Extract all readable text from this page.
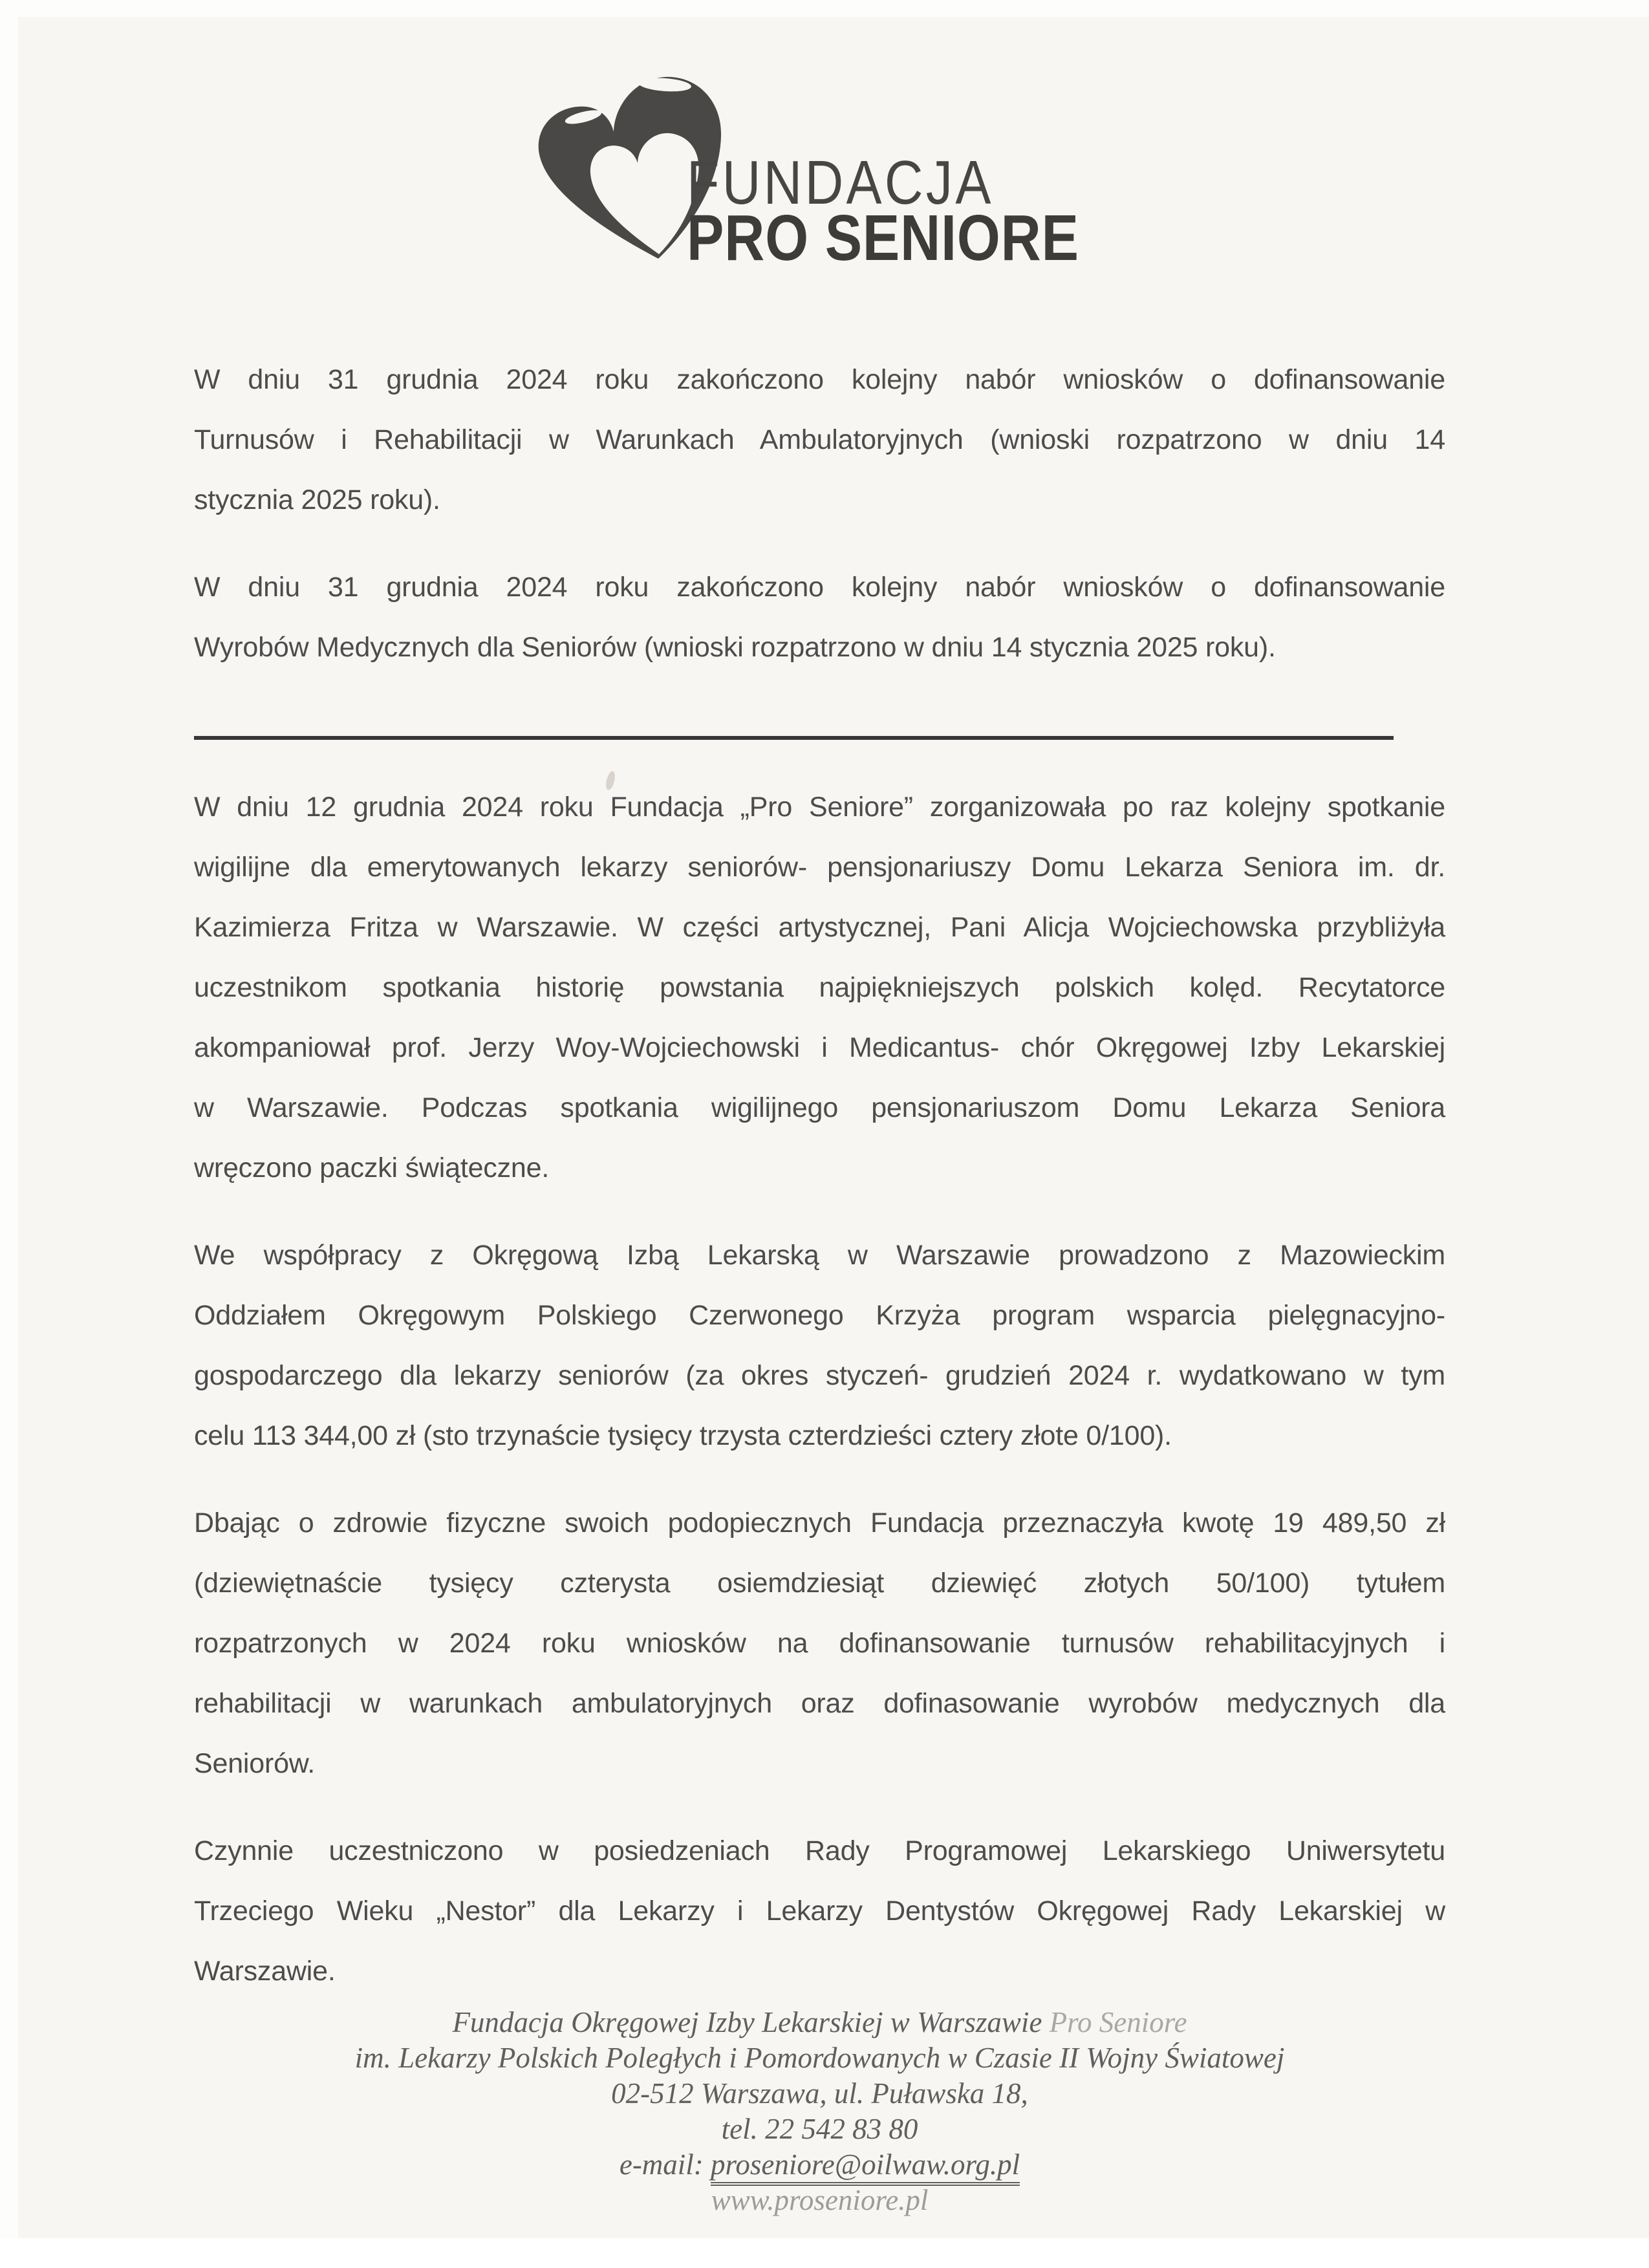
FUNDACJA
PRO SENIORE
W dniu 31 grudnia 2024 roku zakończono kolejny nabór wniosków o dofinansowanie
Turnusów i Rehabilitacji w Warunkach Ambulatoryjnych (wnioski rozpatrzono w dniu 14
stycznia 2025 roku).
W dniu 31 grudnia 2024 roku zakończono kolejny nabór wniosków o dofinansowanie
Wyrobów Medycznych dla Seniorów (wnioski rozpatrzono w dniu 14 stycznia 2025 roku).
W dniu 12 grudnia 2024 roku Fundacja „Pro Seniore” zorganizowała po raz kolejny spotkanie
wigilijne dla emerytowanych lekarzy seniorów- pensjonariuszy Domu Lekarza Seniora im. dr.
Kazimierza Fritza w Warszawie. W części artystycznej, Pani Alicja Wojciechowska przybliżyła
uczestnikom spotkania historię powstania najpiękniejszych polskich kolęd. Recytatorce
akompaniował prof. Jerzy Woy-Wojciechowski i Medicantus- chór Okręgowej Izby Lekarskiej
w Warszawie. Podczas spotkania wigilijnego pensjonariuszom Domu Lekarza Seniora
wręczono paczki świąteczne.
We współpracy z Okręgową Izbą Lekarską w Warszawie prowadzono z Mazowieckim
Oddziałem Okręgowym Polskiego Czerwonego Krzyża program wsparcia pielęgnacyjno-
gospodarczego dla lekarzy seniorów (za okres styczeń- grudzień 2024 r. wydatkowano w tym
celu 113 344,00 zł (sto trzynaście tysięcy trzysta czterdzieści cztery złote 0/100).
Dbając o zdrowie fizyczne swoich podopiecznych Fundacja przeznaczyła kwotę 19 489,50 zł
(dziewiętnaście tysięcy czterysta osiemdziesiąt dziewięć złotych 50/100) tytułem
rozpatrzonych w 2024 roku wniosków na dofinansowanie turnusów rehabilitacyjnych i
rehabilitacji w warunkach ambulatoryjnych oraz dofinasowanie wyrobów medycznych dla
Seniorów.
Czynnie uczestniczono w posiedzeniach Rady Programowej Lekarskiego Uniwersytetu
Trzeciego Wieku „Nestor” dla Lekarzy i Lekarzy Dentystów Okręgowej Rady Lekarskiej w
Warszawie.
Fundacja Okręgowej Izby Lekarskiej w Warszawie Pro Seniore
im. Lekarzy Polskich Poległych i Pomordowanych w Czasie II Wojny Światowej
02-512 Warszawa, ul. Puławska 18,
tel. 22 542 83 80
e-mail: proseniore@oilwaw.org.pl
www.proseniore.pl
